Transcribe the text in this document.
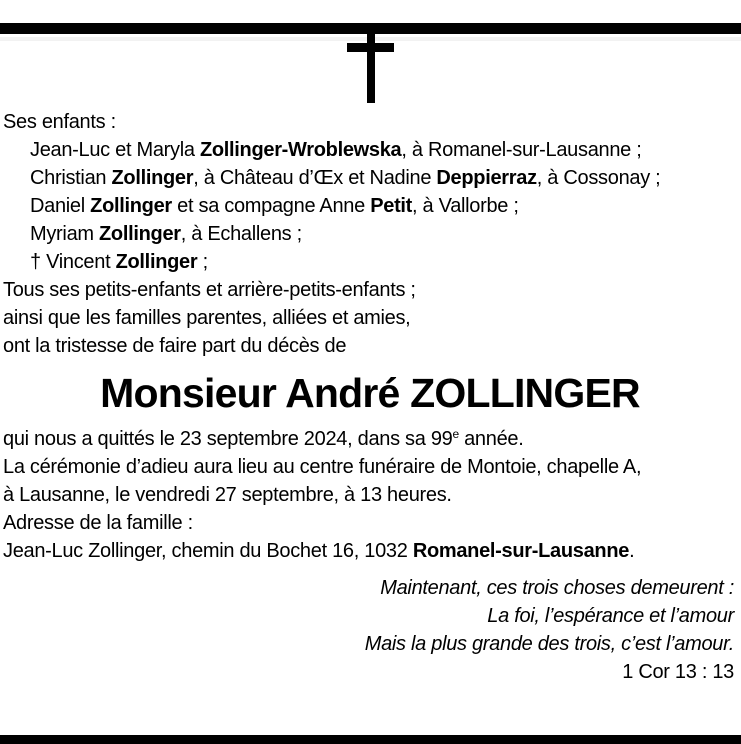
Ses enfants :
Jean-Luc et Maryla Zollinger-Wroblewska, à Romanel-sur-Lausanne ;
Christian Zollinger, à Château d’Œx et Nadine Deppierraz, à Cossonay ;
Daniel Zollinger et sa compagne Anne Petit, à Vallorbe ;
Myriam Zollinger, à Echallens ;
† Vincent Zollinger ;
Tous ses petits-enfants et arrière-petits-enfants ;
ainsi que les familles parentes, alliées et amies,
ont la tristesse de faire part du décès de
Monsieur André ZOLLINGER
qui nous a quittés le 23 septembre 2024, dans sa 99e année.
La cérémonie d’adieu aura lieu au centre funéraire de Montoie, chapelle A,
à Lausanne, le vendredi 27 septembre, à 13 heures.
Adresse de la famille :
Jean-Luc Zollinger, chemin du Bochet 16, 1032 Romanel-sur-Lausanne.
Maintenant, ces trois choses demeurent :
La foi, l’espérance et l’amour
Mais la plus grande des trois, c’est l’amour.
1 Cor 13 : 13
